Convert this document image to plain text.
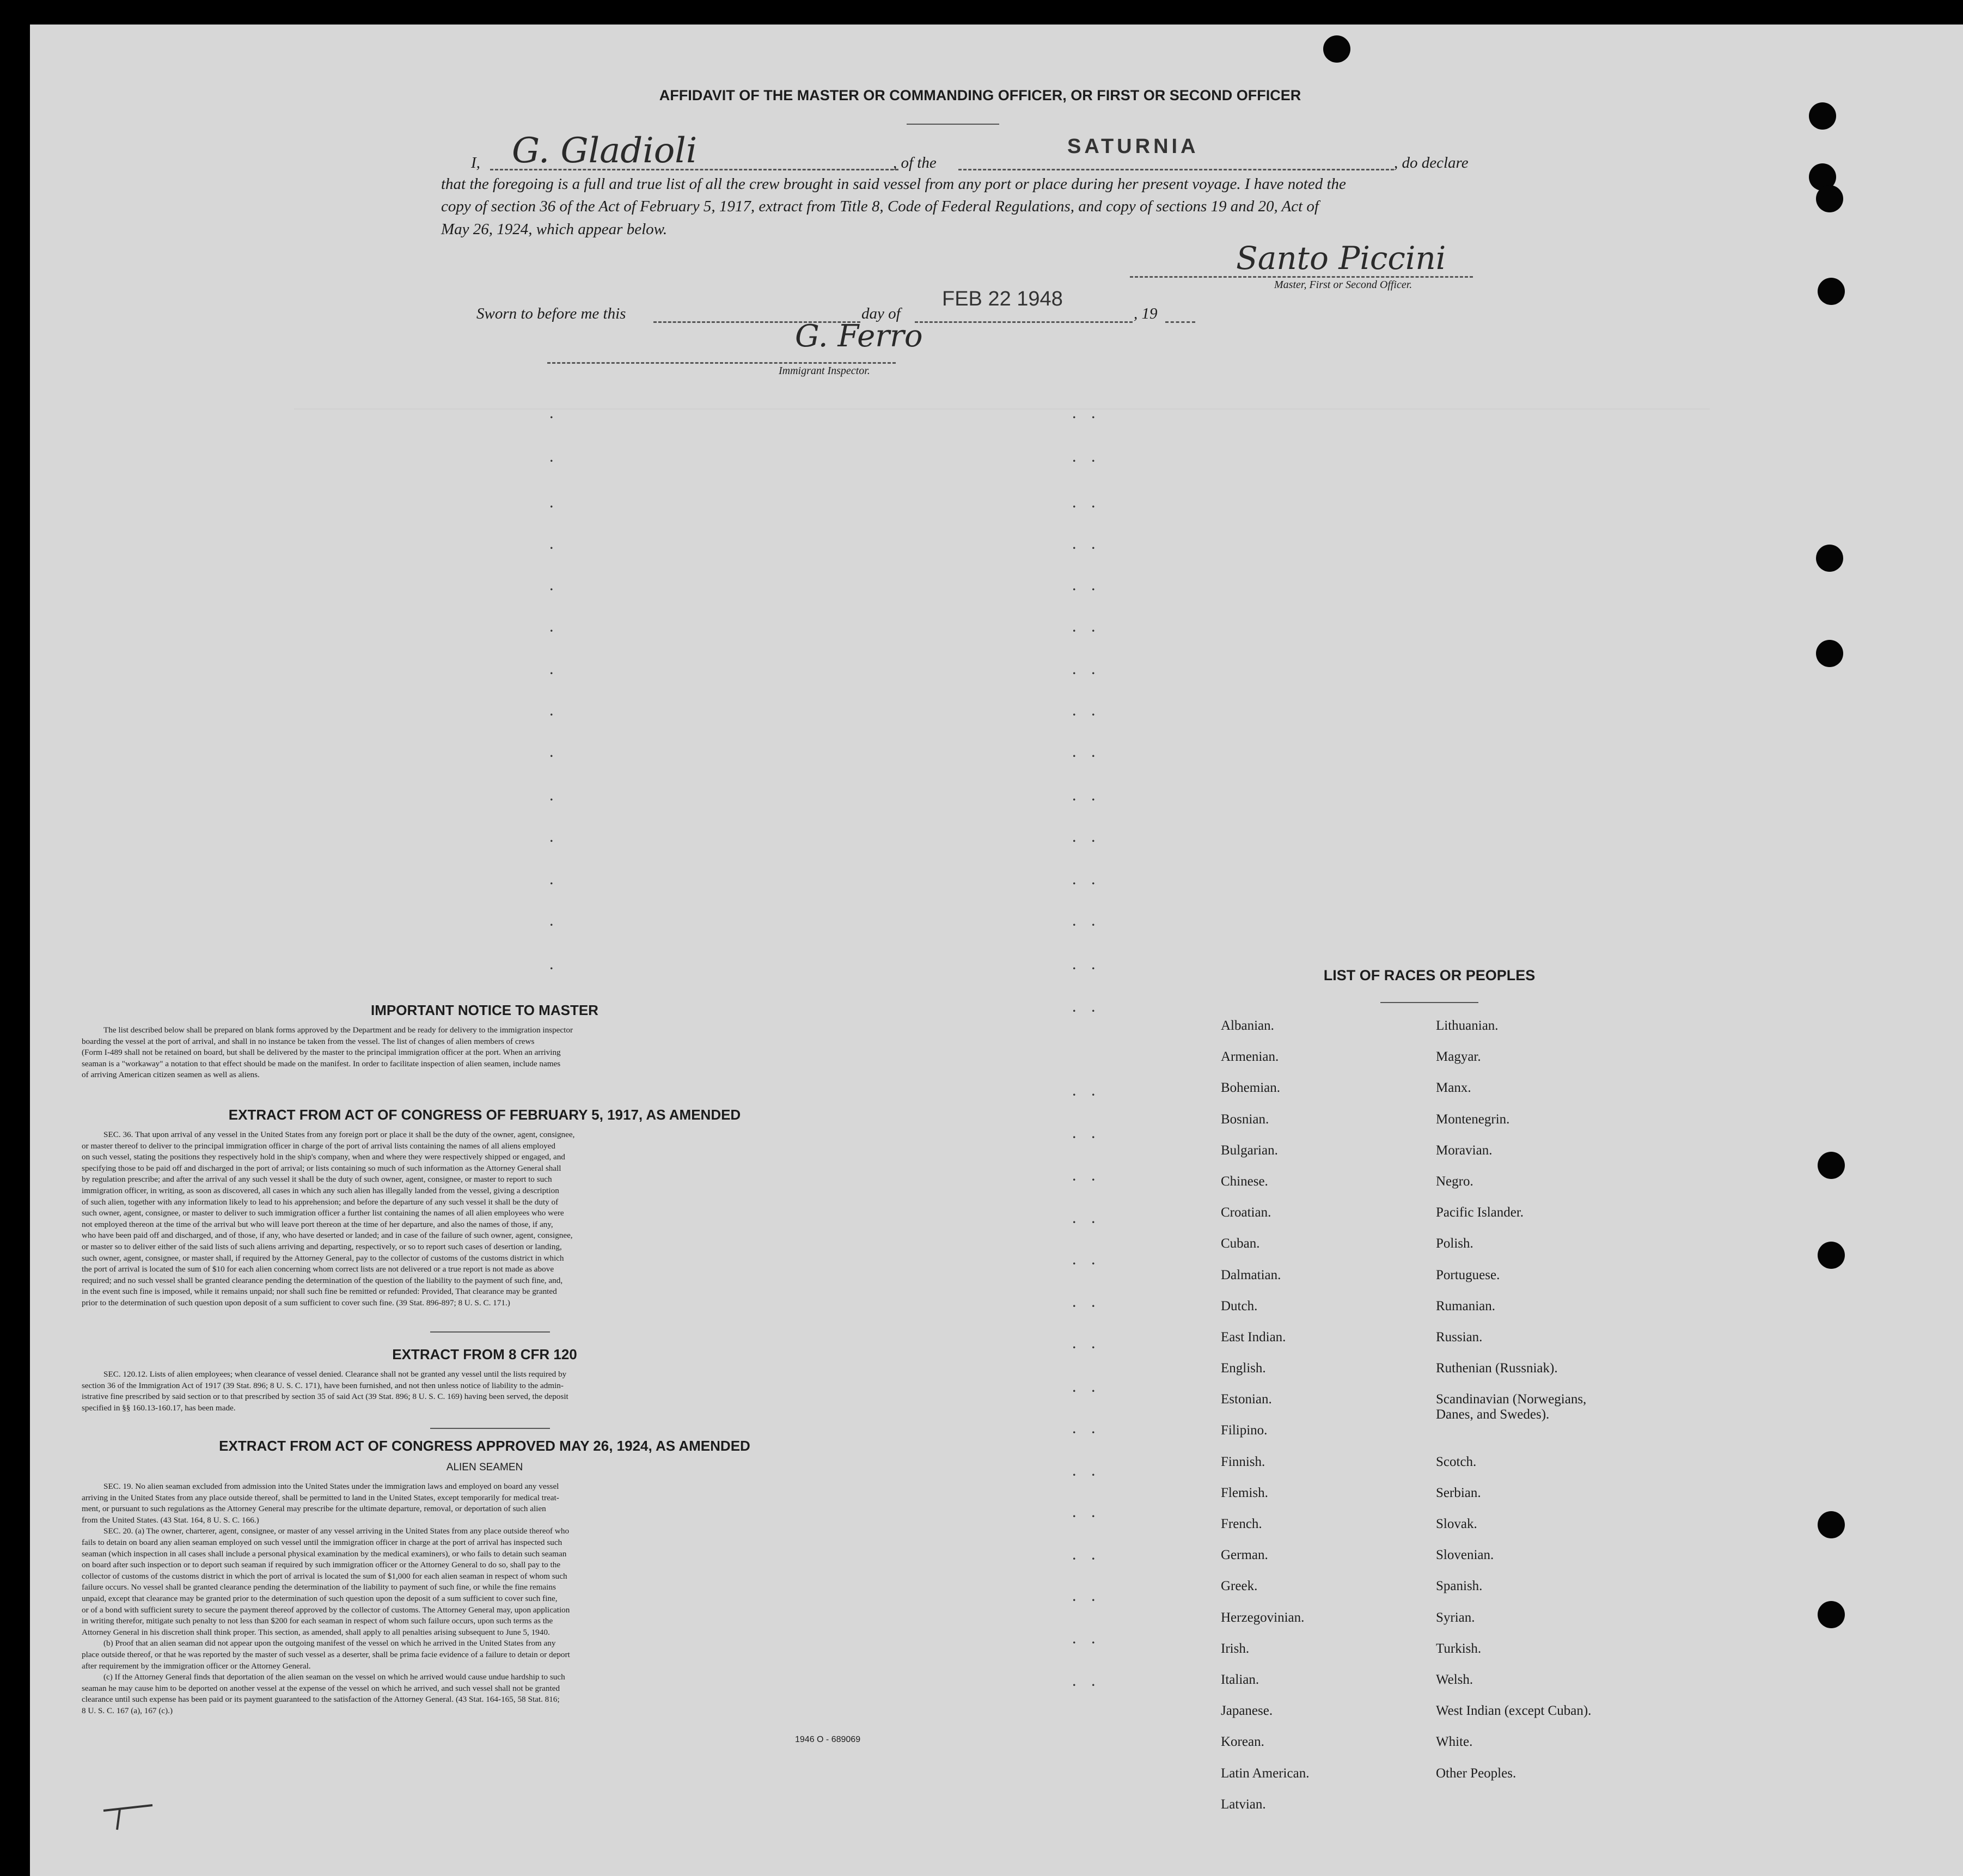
. .
. .
. .
. .
. .
. .
. .
. .
. .
. .
. .
. .
. .
. .
. .
. .
. .
. .
. .
. .
. .
. .
. .
. .
. .
. .
. .
. .
. .
. .
.
.
.
.
.
.
.
.
.
.
.
.
.
.
AFFIDAVIT OF THE MASTER OR COMMANDING OFFICER, OR FIRST OR SECOND OFFICER
I, G. Gladioli	, of the
SATURNIA
, do declare
that the foregoing is a full and true list of all the crew brought in said vessel from any port or place during her present voyage. I have noted the
copy of section 36 of the Act of February 5, 1917, extract from Title 8, Code of Federal Regulations, and copy of sections 19 and 20, Act of
May 26, 1924, which appear below.
Santo Piccini
Master, First or Second Officer.
Sworn to before me this	day of
FEB 22 1948
, 19
G. Ferro
Immigrant Inspector.
IMPORTANT NOTICE TO MASTER
The list described below shall be prepared on blank forms approved by the Department and be ready for delivery to the immigration inspector
boarding the vessel at the port of arrival, and shall in no instance be taken from the vessel. The list of changes of alien members of crews
(Form I-489 shall not be retained on board, but shall be delivered by the master to the principal immigration officer at the port. When an arriving
seaman is a "workaway" a notation to that effect should be made on the manifest. In order to facilitate inspection of alien seamen, include names
of arriving American citizen seamen as well as aliens.
EXTRACT FROM ACT OF CONGRESS OF FEBRUARY 5, 1917, AS AMENDED
SEC. 36. That upon arrival of any vessel in the United States from any foreign port or place it shall be the duty of the owner, agent, consignee,
or master thereof to deliver to the principal immigration officer in charge of the port of arrival lists containing the names of all aliens employed
on such vessel, stating the positions they respectively hold in the ship's company, when and where they were respectively shipped or engaged, and
specifying those to be paid off and discharged in the port of arrival; or lists containing so much of such information as the Attorney General shall
by regulation prescribe; and after the arrival of any such vessel it shall be the duty of such owner, agent, consignee, or master to report to such
immigration officer, in writing, as soon as discovered, all cases in which any such alien has illegally landed from the vessel, giving a description
of such alien, together with any information likely to lead to his apprehension; and before the departure of any such vessel it shall be the duty of
such owner, agent, consignee, or master to deliver to such immigration officer a further list containing the names of all alien employees who were
not employed thereon at the time of the arrival but who will leave port thereon at the time of her departure, and also the names of those, if any,
who have been paid off and discharged, and of those, if any, who have deserted or landed; and in case of the failure of such owner, agent, consignee,
or master so to deliver either of the said lists of such aliens arriving and departing, respectively, or so to report such cases of desertion or landing,
such owner, agent, consignee, or master shall, if required by the Attorney General, pay to the collector of customs of the customs district in which
the port of arrival is located the sum of $10 for each alien concerning whom correct lists are not delivered or a true report is not made as above
required; and no such vessel shall be granted clearance pending the determination of the question of the liability to the payment of such fine, and,
in the event such fine is imposed, while it remains unpaid; nor shall such fine be remitted or refunded: Provided, That clearance may be granted
prior to the determination of such question upon deposit of a sum sufficient to cover such fine. (39 Stat. 896-897; 8 U. S. C. 171.)
EXTRACT FROM 8 CFR 120
SEC. 120.12. Lists of alien employees; when clearance of vessel denied. Clearance shall not be granted any vessel until the lists required by
section 36 of the Immigration Act of 1917 (39 Stat. 896; 8 U. S. C. 171), have been furnished, and not then unless notice of liability to the admin-
istrative fine prescribed by said section or to that prescribed by section 35 of said Act (39 Stat. 896; 8 U. S. C. 169) having been served, the deposit
specified in §§ 160.13-160.17, has been made.
EXTRACT FROM ACT OF CONGRESS APPROVED MAY 26, 1924, AS AMENDED
ALIEN SEAMEN
SEC. 19. No alien seaman excluded from admission into the United States under the immigration laws and employed on board any vessel
arriving in the United States from any place outside thereof, shall be permitted to land in the United States, except temporarily for medical treat-
ment, or pursuant to such regulations as the Attorney General may prescribe for the ultimate departure, removal, or deportation of such alien
from the United States. (43 Stat. 164, 8 U. S. C. 166.)
SEC. 20. (a) The owner, charterer, agent, consignee, or master of any vessel arriving in the United States from any place outside thereof who
fails to detain on board any alien seaman employed on such vessel until the immigration officer in charge at the port of arrival has inspected such
seaman (which inspection in all cases shall include a personal physical examination by the medical examiners), or who fails to detain such seaman
on board after such inspection or to deport such seaman if required by such immigration officer or the Attorney General to do so, shall pay to the
collector of customs of the customs district in which the port of arrival is located the sum of $1,000 for each alien seaman in respect of whom such
failure occurs. No vessel shall be granted clearance pending the determination of the liability to payment of such fine, or while the fine remains
unpaid, except that clearance may be granted prior to the determination of such question upon the deposit of a sum sufficient to cover such fine,
or of a bond with sufficient surety to secure the payment thereof approved by the collector of customs. The Attorney General may, upon application
in writing therefor, mitigate such penalty to not less than $200 for each seaman in respect of whom such failure occurs, upon such terms as the
Attorney General in his discretion shall think proper. This section, as amended, shall apply to all penalties arising subsequent to June 5, 1940.
(b) Proof that an alien seaman did not appear upon the outgoing manifest of the vessel on which he arrived in the United States from any
place outside thereof, or that he was reported by the master of such vessel as a deserter, shall be prima facie evidence of a failure to detain or deport
after requirement by the immigration officer or the Attorney General.
(c) If the Attorney General finds that deportation of the alien seaman on the vessel on which he arrived would cause undue hardship to such
seaman he may cause him to be deported on another vessel at the expense of the vessel on which he arrived, and such vessel shall not be granted
clearance until such expense has been paid or its payment guaranteed to the satisfaction of the Attorney General. (43 Stat. 164-165, 58 Stat. 816;
8 U. S. C. 167 (a), 167 (c).)
1946 O - 689069
LIST OF RACES OR PEOPLES
Albanian.
Armenian.
Bohemian.
Bosnian.
Bulgarian.
Chinese.
Croatian.
Cuban.
Dalmatian.
Dutch.
East Indian.
English.
Estonian.
Filipino.
Finnish.
Flemish.
French.
German.
Greek.
Herzegovinian.
Irish.
Italian.
Japanese.
Korean.
Latin American.
Latvian.
Lithuanian.
Magyar.
Manx.
Montenegrin.
Moravian.
Negro.
Pacific Islander.
Polish.
Portuguese.
Rumanian.
Russian.
Ruthenian (Russniak).
Scandinavian (Norwegians,
Danes, and Swedes).
Scotch.
Serbian.
Slovak.
Slovenian.
Spanish.
Syrian.
Turkish.
Welsh.
West Indian (except Cuban).
White.
Other Peoples.
